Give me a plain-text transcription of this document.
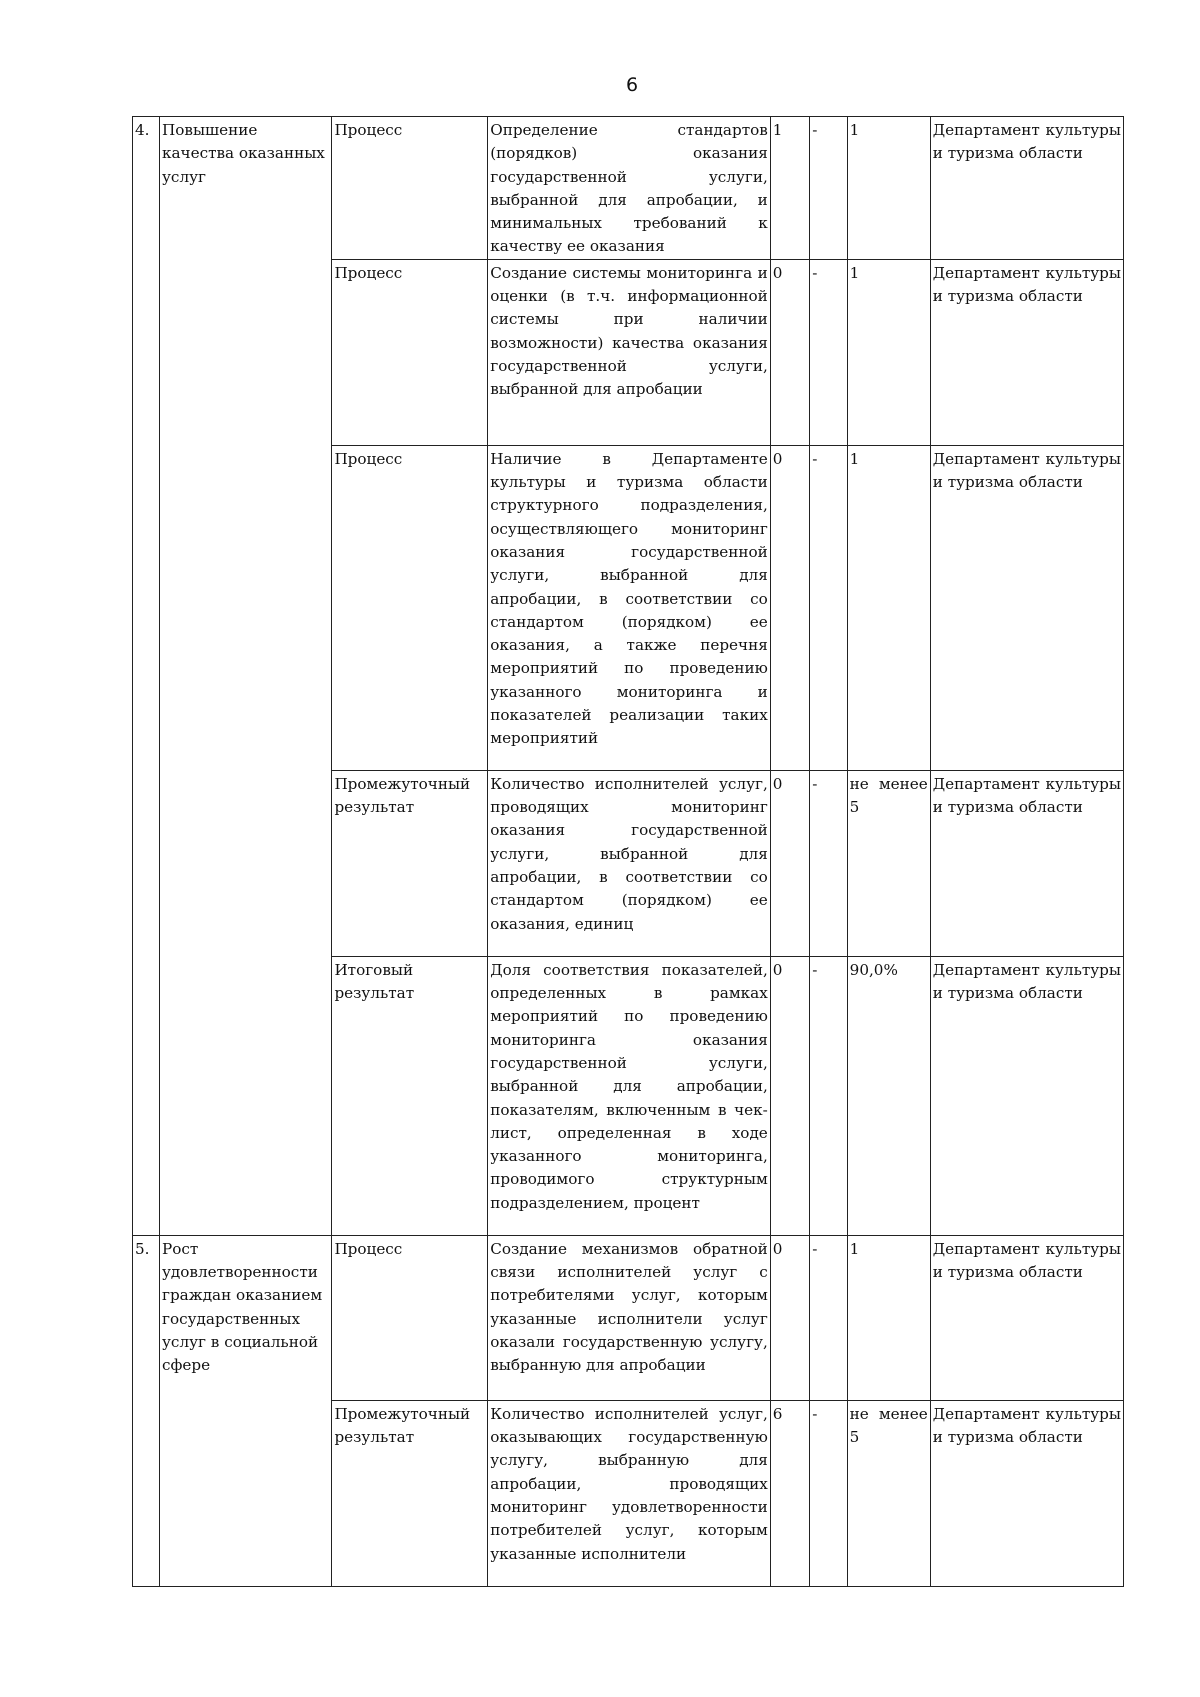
6
4.	Повышение качества оказанных услуг	Процесс	Определение стандартов (порядков) оказания государственной услуги, выбранной для апробации, и минимальных требований к качеству ее оказания	1	-	1	Департамент культуры и туризма области
		Процесс	Создание системы мониторинга и оценки (в т.ч. информационной системы при наличии возможности) качества оказания государственной услуги, выбранной для апробации	0	-	1	Департамент культуры и туризма области
		Процесс	Наличие в Департаменте культуры и туризма области структурного подразделения, осуществляющего мониторинг оказания государственной услуги, выбранной для апробации, в соответствии со стандартом (порядком) ее оказания, а также перечня мероприятий по проведению указанного мониторинга и показателей реализации таких мероприятий	0	-	1	Департамент культуры и туризма области
		Промежуточный результат	Количество исполнителей услуг, проводящих мониторинг оказания государственной услуги, выбранной для апробации, в соответствии со стандартом (порядком) ее оказания, единиц	0	-	не менее 5	Департамент культуры и туризма области
		Итоговый результат	Доля соответствия показателей, определенных в рамках мероприятий по проведению мониторинга оказания государственной услуги, выбранной для апробации, показателям, включенным в чек-лист, определенная в ходе указанного мониторинга, проводимого структурным подразделением, процент	0	-	90,0%	Департамент культуры и туризма области
5.	Рост удовлетворенности граждан оказанием государственных услуг в социальной сфере	Процесс	Создание механизмов обратной связи исполнителей услуг с потребителями услуг, которым указанные исполнители услуг оказали государственную услугу, выбранную для апробации	0	-	1	Департамент культуры и туризма области
		Промежуточный результат	Количество исполнителей услуг, оказывающих государственную услугу, выбранную для апробации, проводящих мониторинг удовлетворенности потребителей услуг, которым указанные исполнители	6	-	не менее 5	Департамент культуры и туризма области
